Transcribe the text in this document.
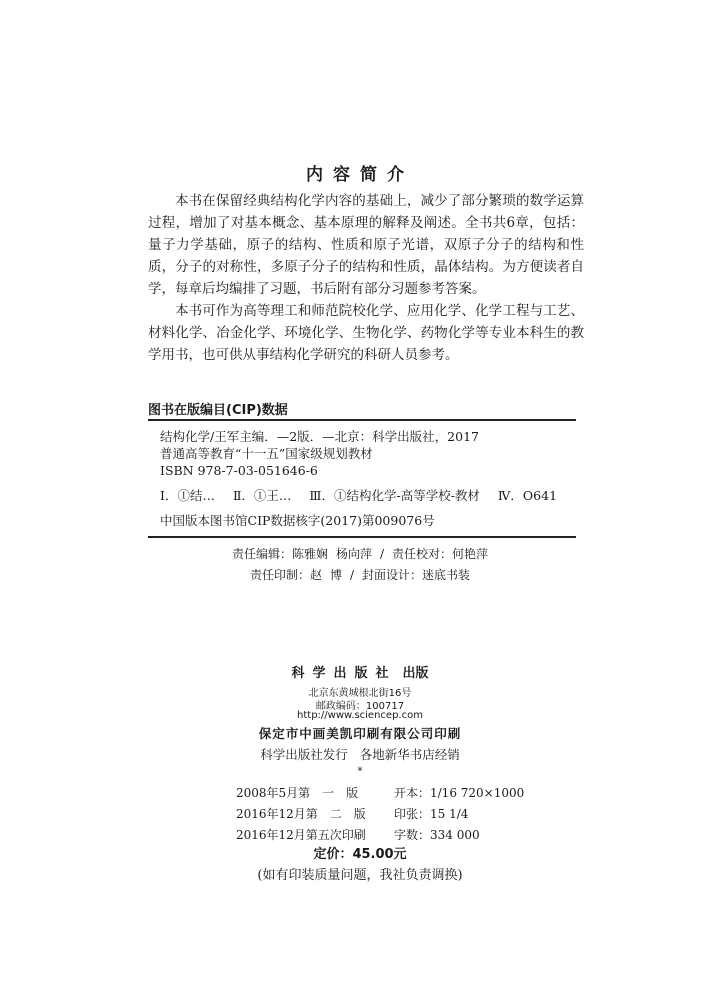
内容简介

本书在保留经典结构化学内容的基础上，减少了部分繁琐的数学运算过程，增加了对基本概念、基本原理的解释及阐述。全书共6章，包括：量子力学基础，原子的结构、性质和原子光谱，双原子分子的结构和性质，分子的对称性，多原子分子的结构和性质，晶体结构。为方便读者自学，每章后均编排了习题，书后附有部分习题参考答案。

本书可作为高等理工和师范院校化学、应用化学、化学工程与工艺、材料化学、冶金化学、环境化学、生物化学、药物化学等专业本科生的教学用书，也可供从事结构化学研究的科研人员参考。

图书在版编目(CIP)数据
结构化学/王军主编．—2版．—北京：科学出版社，2017
普通高等教育“十一五”国家级规划教材
ISBN 978-7-03-051646-6
Ⅰ．①结… Ⅱ．①王… Ⅲ．①结构化学-高等学校-教材 Ⅳ．O641
中国版本图书馆CIP数据核字(2017)第009076号
责任编辑：陈雅娴 杨向萍 / 责任校对：何艳萍
责任印制：赵 博 / 封面设计：迷底书装
科学出版社 出版
北京东黄城根北街16号
邮政编码：100717
http://www.sciencep.com
保定市中画美凯印刷有限公司印刷
科学出版社发行 各地新华书店经销
*
2008年5月第　一　版	开本：1/16 720×1000
2016年12月第　二　版 印张：15 1/4
2016年12月第五次印刷 字数：334 000
定价：45.00元
(如有印装质量问题，我社负责调换)
